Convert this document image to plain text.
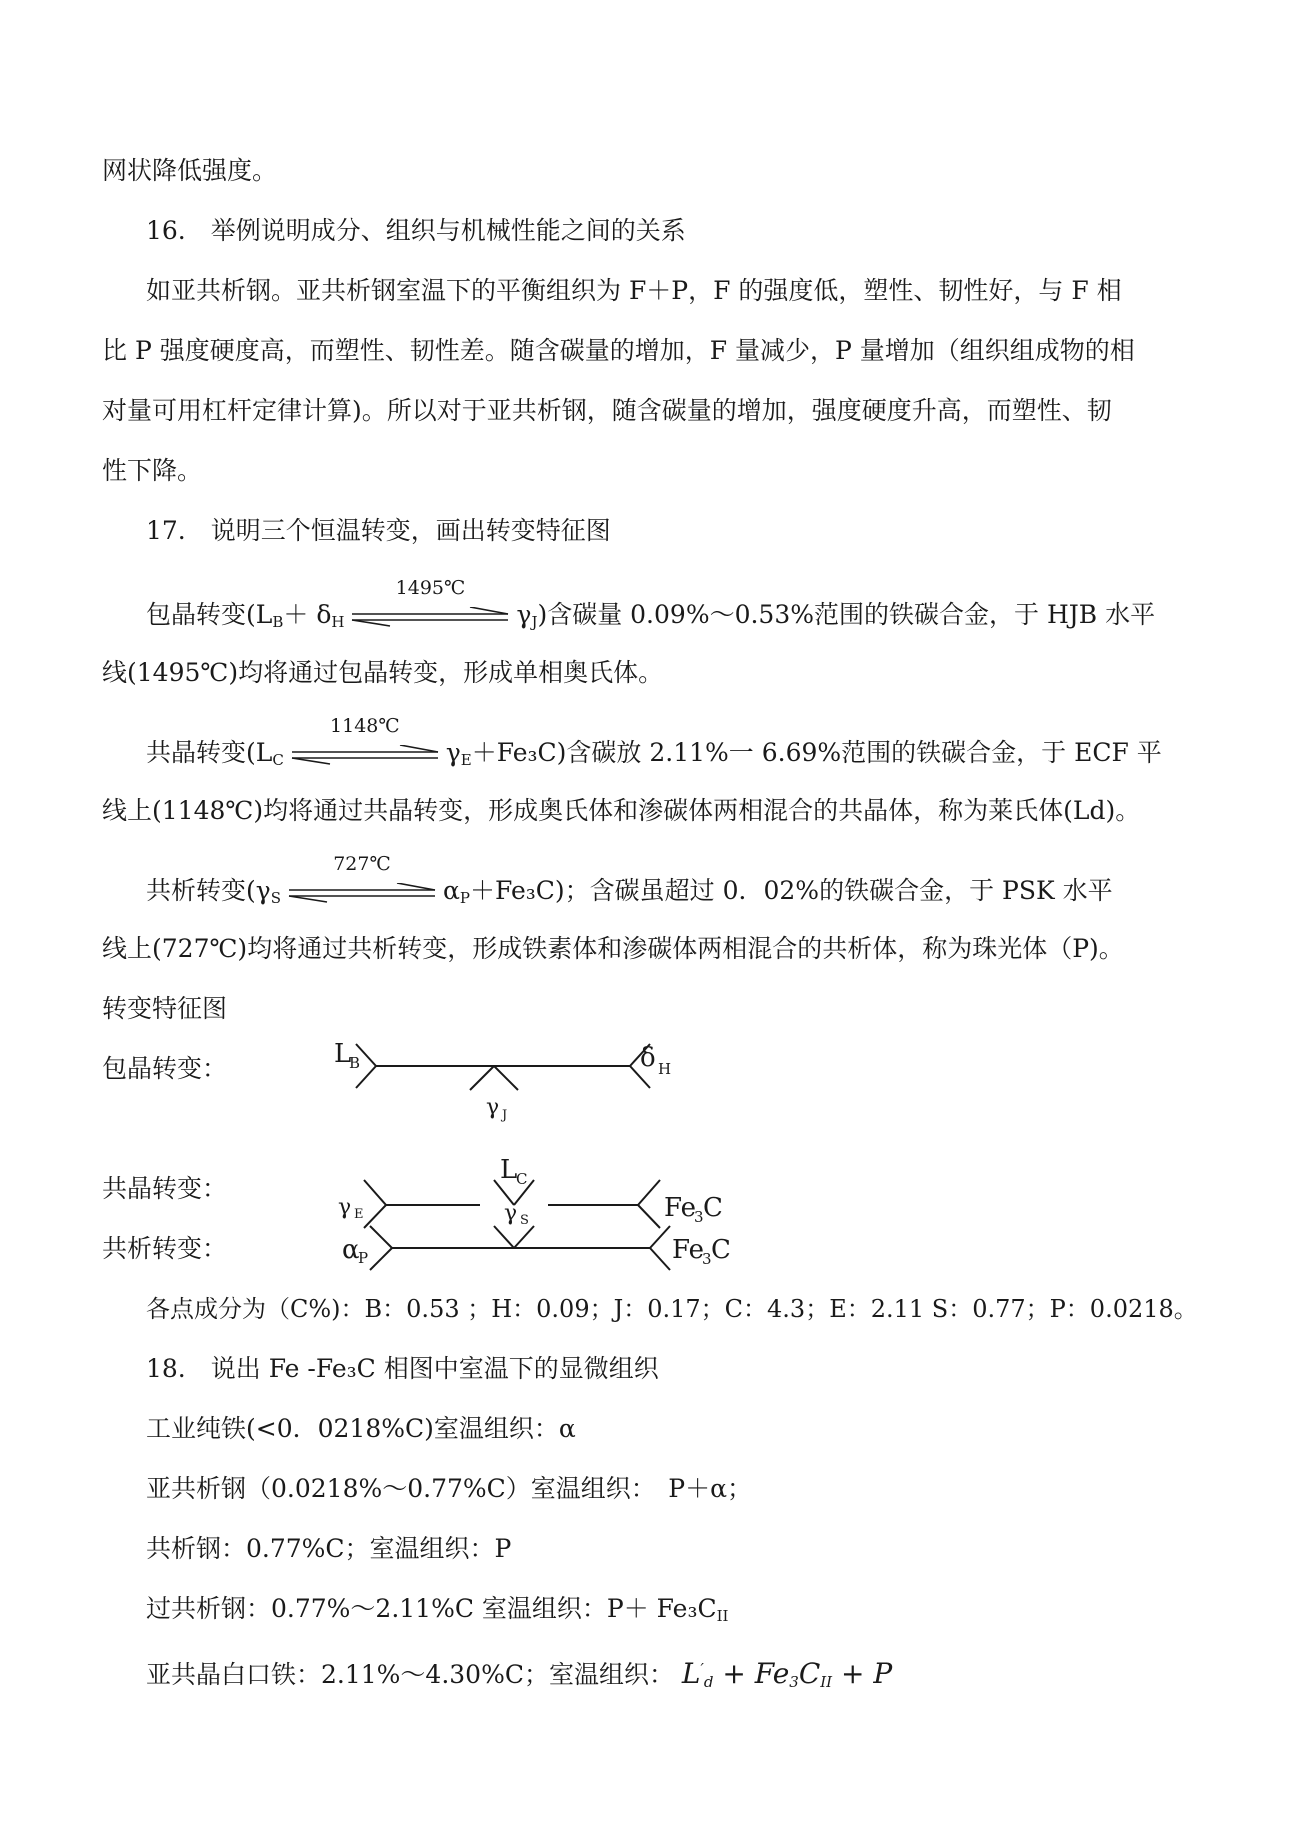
网状降低强度。
16.　举例说明成分、组织与机械性能之间的关系
如亚共析钢。亚共析钢室温下的平衡组织为 F＋P，F 的强度低，塑性、韧性好，与 F 相
比 P 强度硬度高，而塑性、韧性差。随含碳量的增加，F 量减少，P 量增加（组织组成物的相
对量可用杠杆定律计算)。所以对于亚共析钢，随含碳量的增加，强度硬度升高，而塑性、韧
性下降。
17.　说明三个恒温转变，画出转变特征图
包晶转变($L_B+ \delta_H$
1495℃
$\gamma_J$)含碳量 0.09%～0.53%范围的铁碳合金，于 HJB 水平
线(1495℃)均将通过包晶转变，形成单相奥氏体。
共晶转变($L_C$
1148℃
$\gamma_E+Fe_3C$)含碳放 2.11%一 6.69%范围的铁碳合金，于 ECF 平
线上(1148℃)均将通过共晶转变，形成奥氏体和渗碳体两相混合的共晶体，称为莱氏体(Ld)。
共析转变($\gamma_S$
727℃
$\alpha_P+Fe_3C$)；含碳虽超过 0．02%的铁碳合金，于 PSK 水平
线上(727℃)均将通过共析转变，形成铁素体和渗碳体两相混合的共析体，称为珠光体（P)。
转变特征图
包晶转变：	L
B	δ H
γ J
共晶转变：
共析转变：
L
C
γ E	γ S	Fe
3 C
α
P	Fe
3 C
各点成分为（C%)：B：0.53 ；H：0.09；J：0.17；C：4.3；E：2.11 S：0.77；P：0.0218。
18.　说出 Fe -Fe₃C 相图中室温下的显微组织
工业纯铁(<0．0218%C)室温组织：α
亚共析钢（0.0218%～0.77%C）室温组织：　P＋α；
共析钢：0.77%C；室温组织：P
过共析钢：0.77%～2.11%C 室温组织：$P+ Fe_3C_{II}$
亚共晶白口铁：2.11%～4.30%C；室温组织： $L'_d + Fe_3C_{II} + P$
